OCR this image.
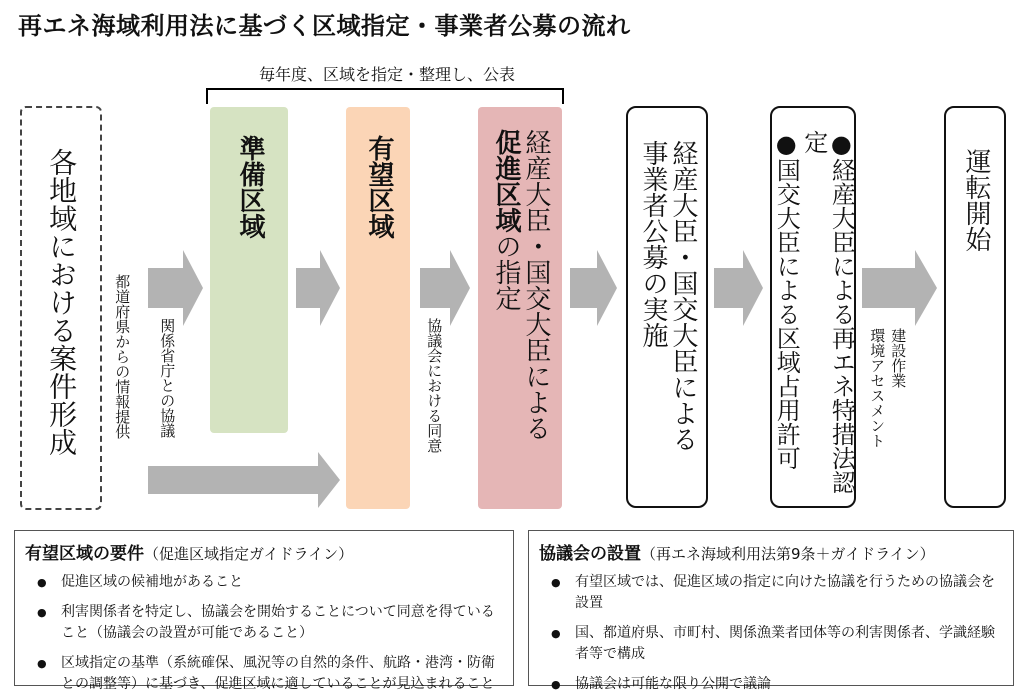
再エネ海域利用法に基づく区域指定・事業者公募の流れ
毎年度、区域を指定・整理し、公表
各地域における案件形成	準備区域	有望区域	経産大臣・国交大臣による
促進区域の指定	経産大臣・国交大臣による
事業者公募の実施	●経産大臣による再エネ特措法認定
●国交大臣による区域占用許可	運転開始
都道府県からの情報提供 関係省庁との協議	協議会における同意	建設作業
環境アセスメント
有望区域の要件（促進区域指定ガイドライン）
● 促進区域の候補地があること
● 利害関係者を特定し、協議会を開始することについて同意を得ていること（協議会の設置が可能であること）
● 区域指定の基準（系統確保、風況等の自然的条件、航路・港湾・防衛との調整等）に基づき、促進区域に適していることが見込まれること
協議会の設置（再エネ海域利用法第9条＋ガイドライン）
● 有望区域では、促進区域の指定に向けた協議を行うための協議会を設置
● 国、都道府県、市町村、関係漁業者団体等の利害関係者、学識経験者等で構成
● 協議会は可能な限り公開で議論
